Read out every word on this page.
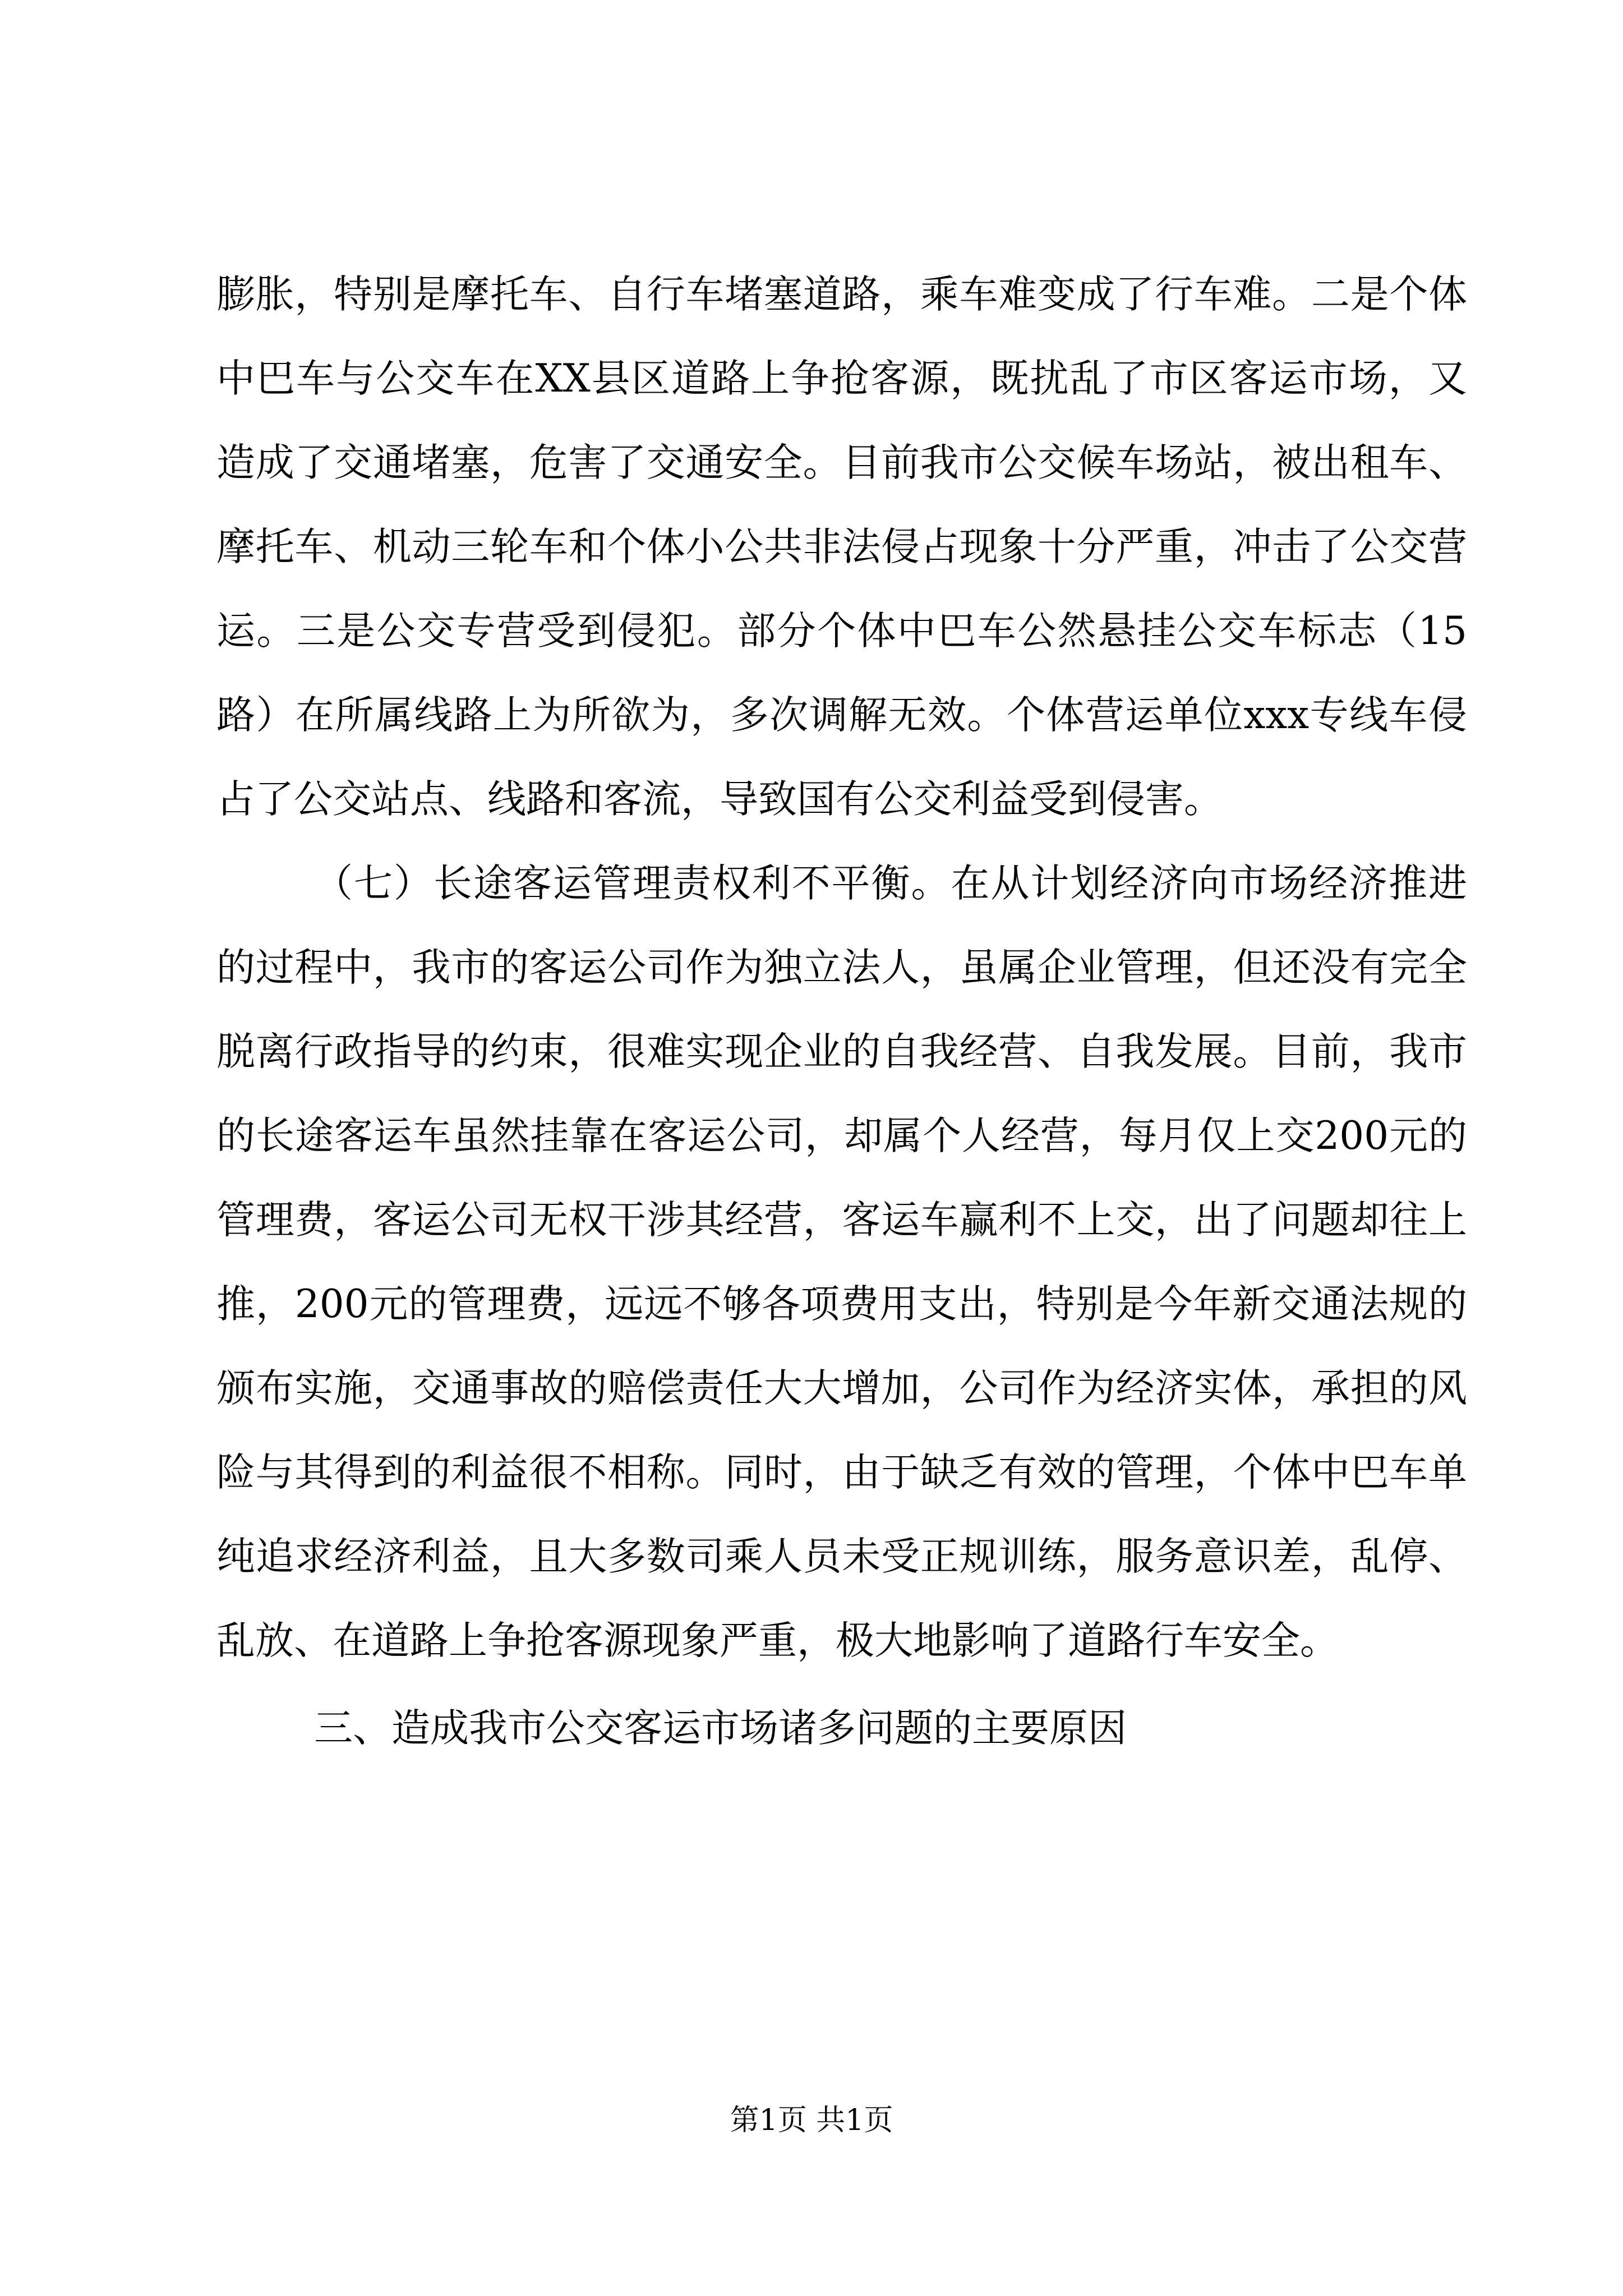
膨胀，特别是摩托车、自行车堵塞道路，乘车难变成了行车难。二是个体中巴车与公交车在XX县区道路上争抢客源，既扰乱了市区客运市场，又造成了交通堵塞，危害了交通安全。目前我市公交候车场站，被出租车、摩托车、机动三轮车和个体小公共非法侵占现象十分严重，冲击了公交营运。三是公交专营受到侵犯。部分个体中巴车公然悬挂公交车标志（15路）在所属线路上为所欲为，多次调解无效。个体营运单位xxx专线车侵占了公交站点、线路和客流，导致国有公交利益受到侵害。

（七）长途客运管理责权利不平衡。在从计划经济向市场经济推进的过程中，我市的客运公司作为独立法人，虽属企业管理，但还没有完全脱离行政指导的约束，很难实现企业的自我经营、自我发展。目前，我市的长途客运车虽然挂靠在客运公司，却属个人经营，每月仅上交200元的管理费，客运公司无权干涉其经营，客运车赢利不上交，出了问题却往上推，200元的管理费，远远不够各项费用支出，特别是今年新交通法规的颁布实施，交通事故的赔偿责任大大增加，公司作为经济实体，承担的风险与其得到的利益很不相称。同时，由于缺乏有效的管理，个体中巴车单纯追求经济利益，且大多数司乘人员未受正规训练，服务意识差，乱停、乱放、在道路上争抢客源现象严重，极大地影响了道路行车安全。

三、造成我市公交客运市场诸多问题的主要原因

第1页 共1页
